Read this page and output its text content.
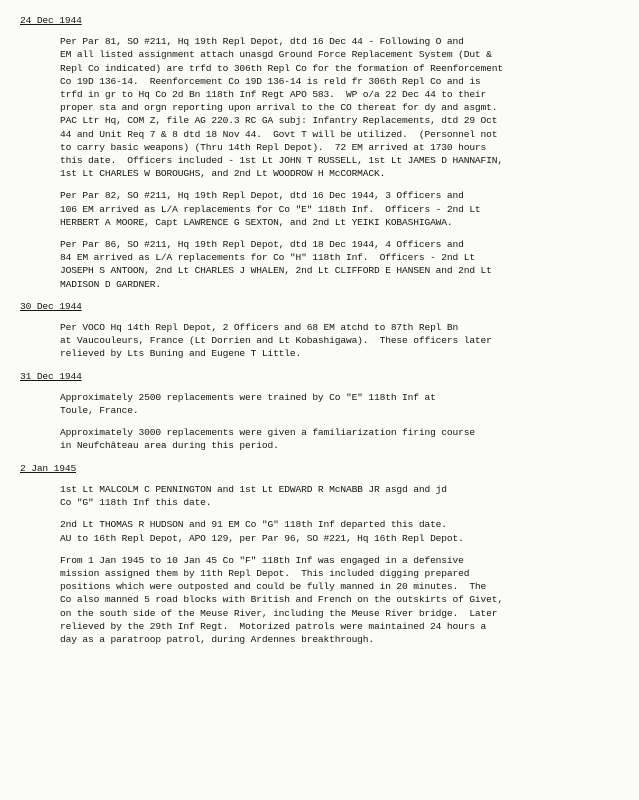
24 Dec 1944
Per Par 81, SO #211, Hq 19th Repl Depot, dtd 16 Dec 44 - Following O and
EM all listed assignment attach unasgd Ground Force Replacement System (Dut &
Repl Co indicated) are trfd to 306th Repl Co for the formation of Reenforcement
Co 19D 136-14.  Reenforcement Co 19D 136-14 is reld fr 306th Repl Co and is
trfd in gr to Hq Co 2d Bn 118th Inf Regt APO 583.  WP o/a 22 Dec 44 to their
proper sta and orgn reporting upon arrival to the CO thereat for dy and asgmt.
PAC Ltr Hq, COM Z, file AG 220.3 RC GA subj: Infantry Replacements, dtd 29 Oct
44 and Unit Req 7 & 8 dtd 18 Nov 44.  Govt T will be utilized.  (Personnel not
to carry basic weapons) (Thru 14th Repl Depot).  72 EM arrived at 1730 hours
this date.  Officers included - 1st Lt JOHN T RUSSELL, 1st Lt JAMES D HANNAFIN,
1st Lt CHARLES W BOROUGHS, and 2nd Lt WOODROW H McCORMACK.
Per Par 82, SO #211, Hq 19th Repl Depot, dtd 16 Dec 1944, 3 Officers and
106 EM arrived as L/A replacements for Co "E" 118th Inf.  Officers - 2nd Lt
HERBERT A MOORE, Capt LAWRENCE G SEXTON, and 2nd Lt YEIKI KOBASHIGAWA.
Per Par 86, SO #211, Hq 19th Repl Depot, dtd 18 Dec 1944, 4 Officers and
84 EM arrived as L/A replacements for Co "H" 118th Inf.  Officers - 2nd Lt
JOSEPH S ANTOON, 2nd Lt CHARLES J WHALEN, 2nd Lt CLIFFORD E HANSEN and 2nd Lt
MADISON D GARDNER.
30 Dec 1944
Per VOCO Hq 14th Repl Depot, 2 Officers and 68 EM atchd to 87th Repl Bn
at Vaucouleurs, France (Lt Dorrien and Lt Kobashigawa).  These officers later
relieved by Lts Buning and Eugene T Little.
31 Dec 1944
Approximately 2500 replacements were trained by Co "E" 118th Inf at
Toule, France.
Approximately 3000 replacements were given a familiarization firing course
in Neufchâteau area during this period.
2 Jan 1945
1st Lt MALCOLM C PENNINGTON and 1st Lt EDWARD R McNABB JR asgd and jd
Co "G" 118th Inf this date.
2nd Lt THOMAS R HUDSON and 91 EM Co "G" 118th Inf departed this date.
AU to 16th Repl Depot, APO 129, per Par 96, SO #221, Hq 16th Repl Depot.
From 1 Jan 1945 to 10 Jan 45 Co "F" 118th Inf was engaged in a defensive
mission assigned them by 11th Repl Depot.  This included digging prepared
positions which were outposted and could be fully manned in 20 minutes.  The
Co also manned 5 road blocks with British and French on the outskirts of Givet,
on the south side of the Meuse River, including the Meuse River bridge.  Later
relieved by the 29th Inf Regt.  Motorized patrols were maintained 24 hours a
day as a paratroop patrol, during Ardennes breakthrough.
